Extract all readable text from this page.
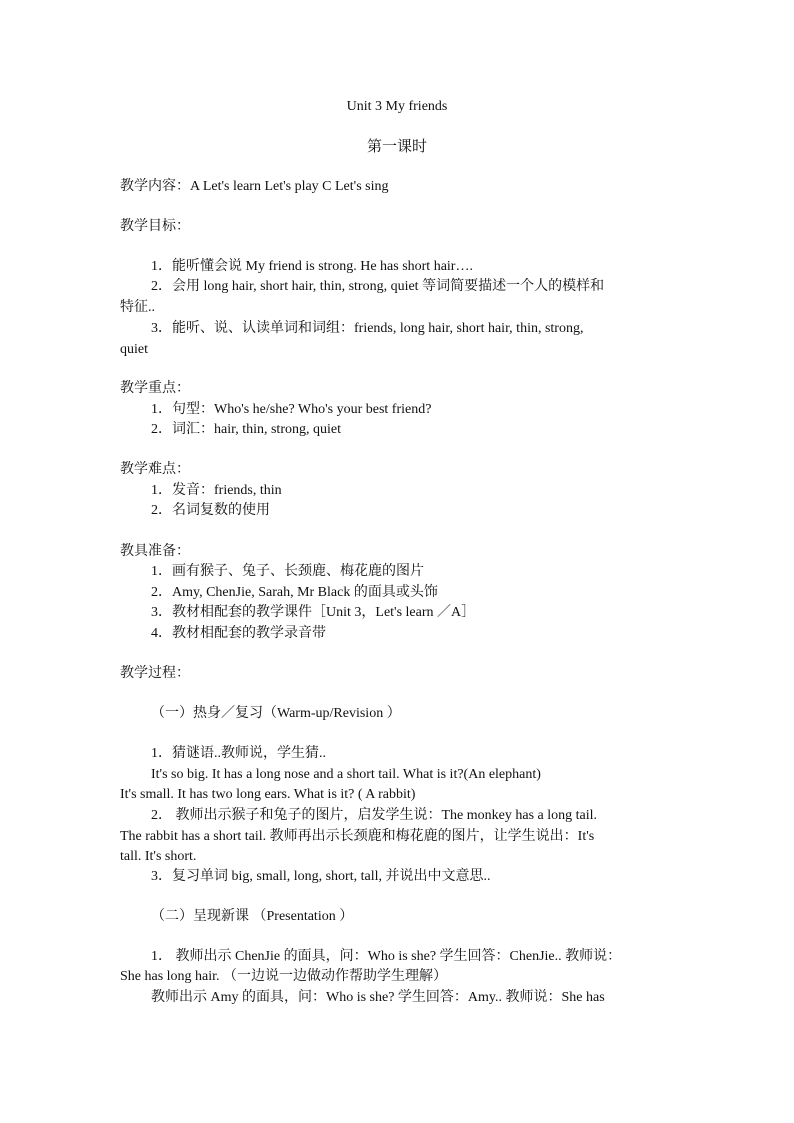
Unit 3 My friends
第一课时
教学内容：A Let's learn Let's play C Let's sing
教学目标：
1．能听懂会说 My friend is strong. He has short hair….
2．会用 long hair, short hair, thin, strong, quiet 等词简要描述一个人的模样和
特征..
3．能听、说、认读单词和词组：friends, long hair, short hair, thin, strong,
quiet
教学重点：
1．句型：Who's he/she? Who's your best friend?
2．词汇：hair, thin, strong, quiet
教学难点：
1．发音：friends, thin
2．名词复数的使用
教具准备：
1．画有猴子、兔子、长颈鹿、梅花鹿的图片
2．Amy, ChenJie, Sarah, Mr Black 的面具或头饰
3．教材相配套的教学课件［Unit 3，Let's learn ／A］
4．教材相配套的教学录音带
教学过程：
（一）热身／复习（Warm-up/Revision ）
1．猜谜语..教师说，学生猜..
It's so big. It has a long nose and a short tail. What is it?(An elephant)
It's small. It has two long ears. What is it? ( A rabbit)
2． 教师出示猴子和兔子的图片，启发学生说：The monkey has a long tail.
The rabbit has a short tail. 教师再出示长颈鹿和梅花鹿的图片，让学生说出：It's
tall. It's short.
3．复习单词 big, small, long, short, tall, 并说出中文意思..
（二）呈现新课 （Presentation ）
1． 教师出示 ChenJie 的面具，问：Who is she? 学生回答：ChenJie.. 教师说：
She has long hair. （一边说一边做动作帮助学生理解）
教师出示 Amy 的面具，问：Who is she? 学生回答：Amy.. 教师说：She has
